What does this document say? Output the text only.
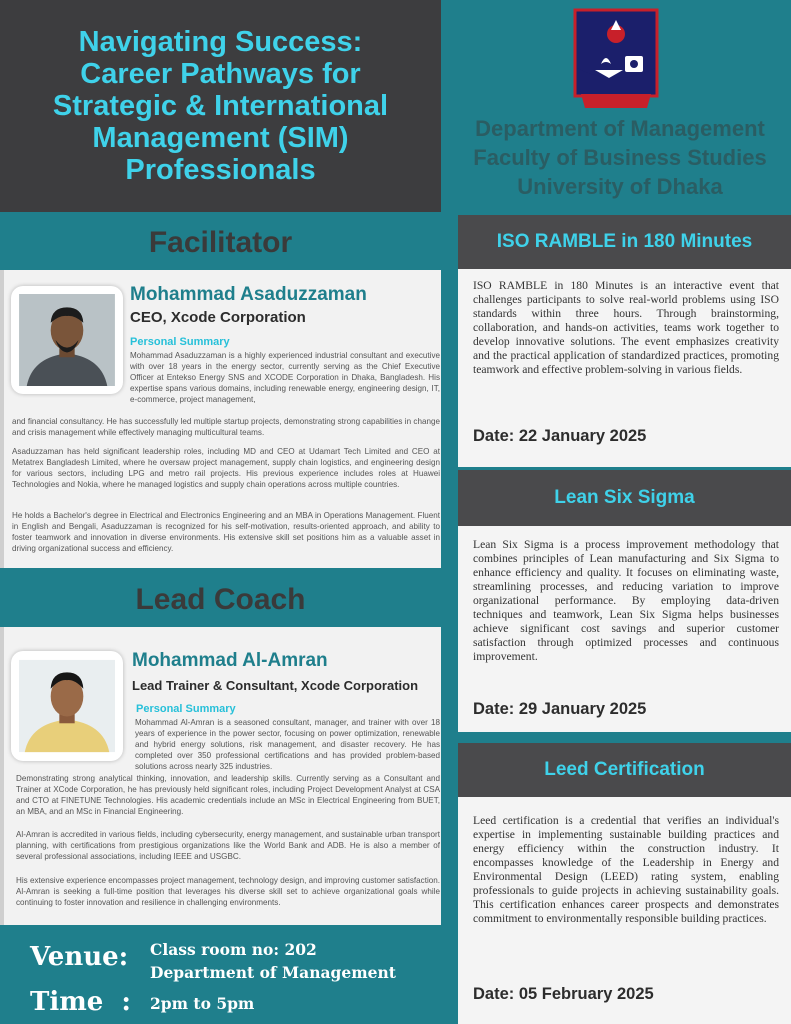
Navigating Success:
Career Pathways for
Strategic & International
Management (SIM)
Professionals
Department of Management
Faculty of Business Studies
University of Dhaka
Facilitator
Mohammad Asaduzzaman
CEO, Xcode Corporation
Personal Summary
Mohammad Asaduzzaman is a highly experienced industrial consultant and executive with over 18 years in the energy sector, currently serving as the Chief Executive Officer at Entekso Energy SNS and XCODE Corporation in Dhaka, Bangladesh. His expertise spans various domains, including renewable energy, engineering design, IT, e-commerce, project management,
and financial consultancy. He has successfully led multiple startup projects, demonstrating strong capabilities in change and crisis management while effectively managing multicultural teams.
Asaduzzaman has held significant leadership roles, including MD and CEO at Udamart Tech Limited and CEO at Metatrex Bangladesh Limited, where he oversaw project management, supply chain logistics, and engineering design for various sectors, including LPG and metro rail projects. His previous experience includes roles at Huawei Technologies and Nokia, where he managed logistics and supply chain operations across multiple countries.
He holds a Bachelor's degree in Electrical and Electronics Engineering and an MBA in Operations Management. Fluent in English and Bengali, Asaduzzaman is recognized for his self-motivation, results-oriented approach, and ability to foster teamwork and innovation in diverse environments. His extensive skill set positions him as a valuable asset in driving organizational success and efficiency.
Lead Coach
Mohammad Al-Amran
Lead Trainer & Consultant, Xcode Corporation
Personal Summary
Mohammad Al-Amran is a seasoned consultant, manager, and trainer with over 18 years of experience in the power sector, focusing on power optimization, renewable and hybrid energy solutions, risk management, and disaster recovery. He has completed over 350 professional certifications and has provided problem-based solutions across nearly 325 industries.
Demonstrating strong analytical thinking, innovation, and leadership skills. Currently serving as a Consultant and Trainer at XCode Corporation, he has previously held significant roles, including Project Development Analyst at CSA and CTO at FINETUNE Technologies. His academic credentials include an MSc in Electrical Engineering from BUET, an MBA, and an MSc in Financial Engineering.
Al-Amran is accredited in various fields, including cybersecurity, energy management, and sustainable urban transport planning, with certifications from prestigious organizations like the World Bank and ADB. He is also a member of several professional associations, including IEEE and USGBC.
His extensive experience encompasses project management, technology design, and improving customer satisfaction. Al-Amran is seeking a full-time position that leverages his diverse skill set to achieve organizational goals while continuing to foster innovation and resilience in challenging environments.
Venue: Class room no: 202
Department of Management
Time  : 2pm to 5pm
ISO RAMBLE in 180 Minutes
ISO RAMBLE in 180 Minutes is an interactive event that challenges participants to solve real-world problems using ISO standards within three hours. Through brainstorming, collaboration, and hands-on activities, teams work together to develop innovative solutions. The event emphasizes creativity and the practical application of standardized practices, promoting teamwork and effective problem-solving in various fields.
Date: 22 January 2025
Lean Six Sigma
Lean Six Sigma is a process improvement methodology that combines principles of Lean manufacturing and Six Sigma to enhance efficiency and quality. It focuses on eliminating waste, streamlining processes, and reducing variation to improve organizational performance. By employing data-driven techniques and teamwork, Lean Six Sigma helps businesses achieve significant cost savings and superior customer satisfaction through optimized processes and continuous improvement.
Date: 29 January 2025
Leed Certification
Leed certification is a credential that verifies an individual's expertise in implementing sustainable building practices and energy efficiency within the construction industry. It encompasses knowledge of the Leadership in Energy and Environmental Design (LEED) rating system, enabling professionals to guide projects in achieving sustainability goals. This certification enhances career prospects and demonstrates commitment to environmentally responsible building practices.
Date: 05 February 2025
